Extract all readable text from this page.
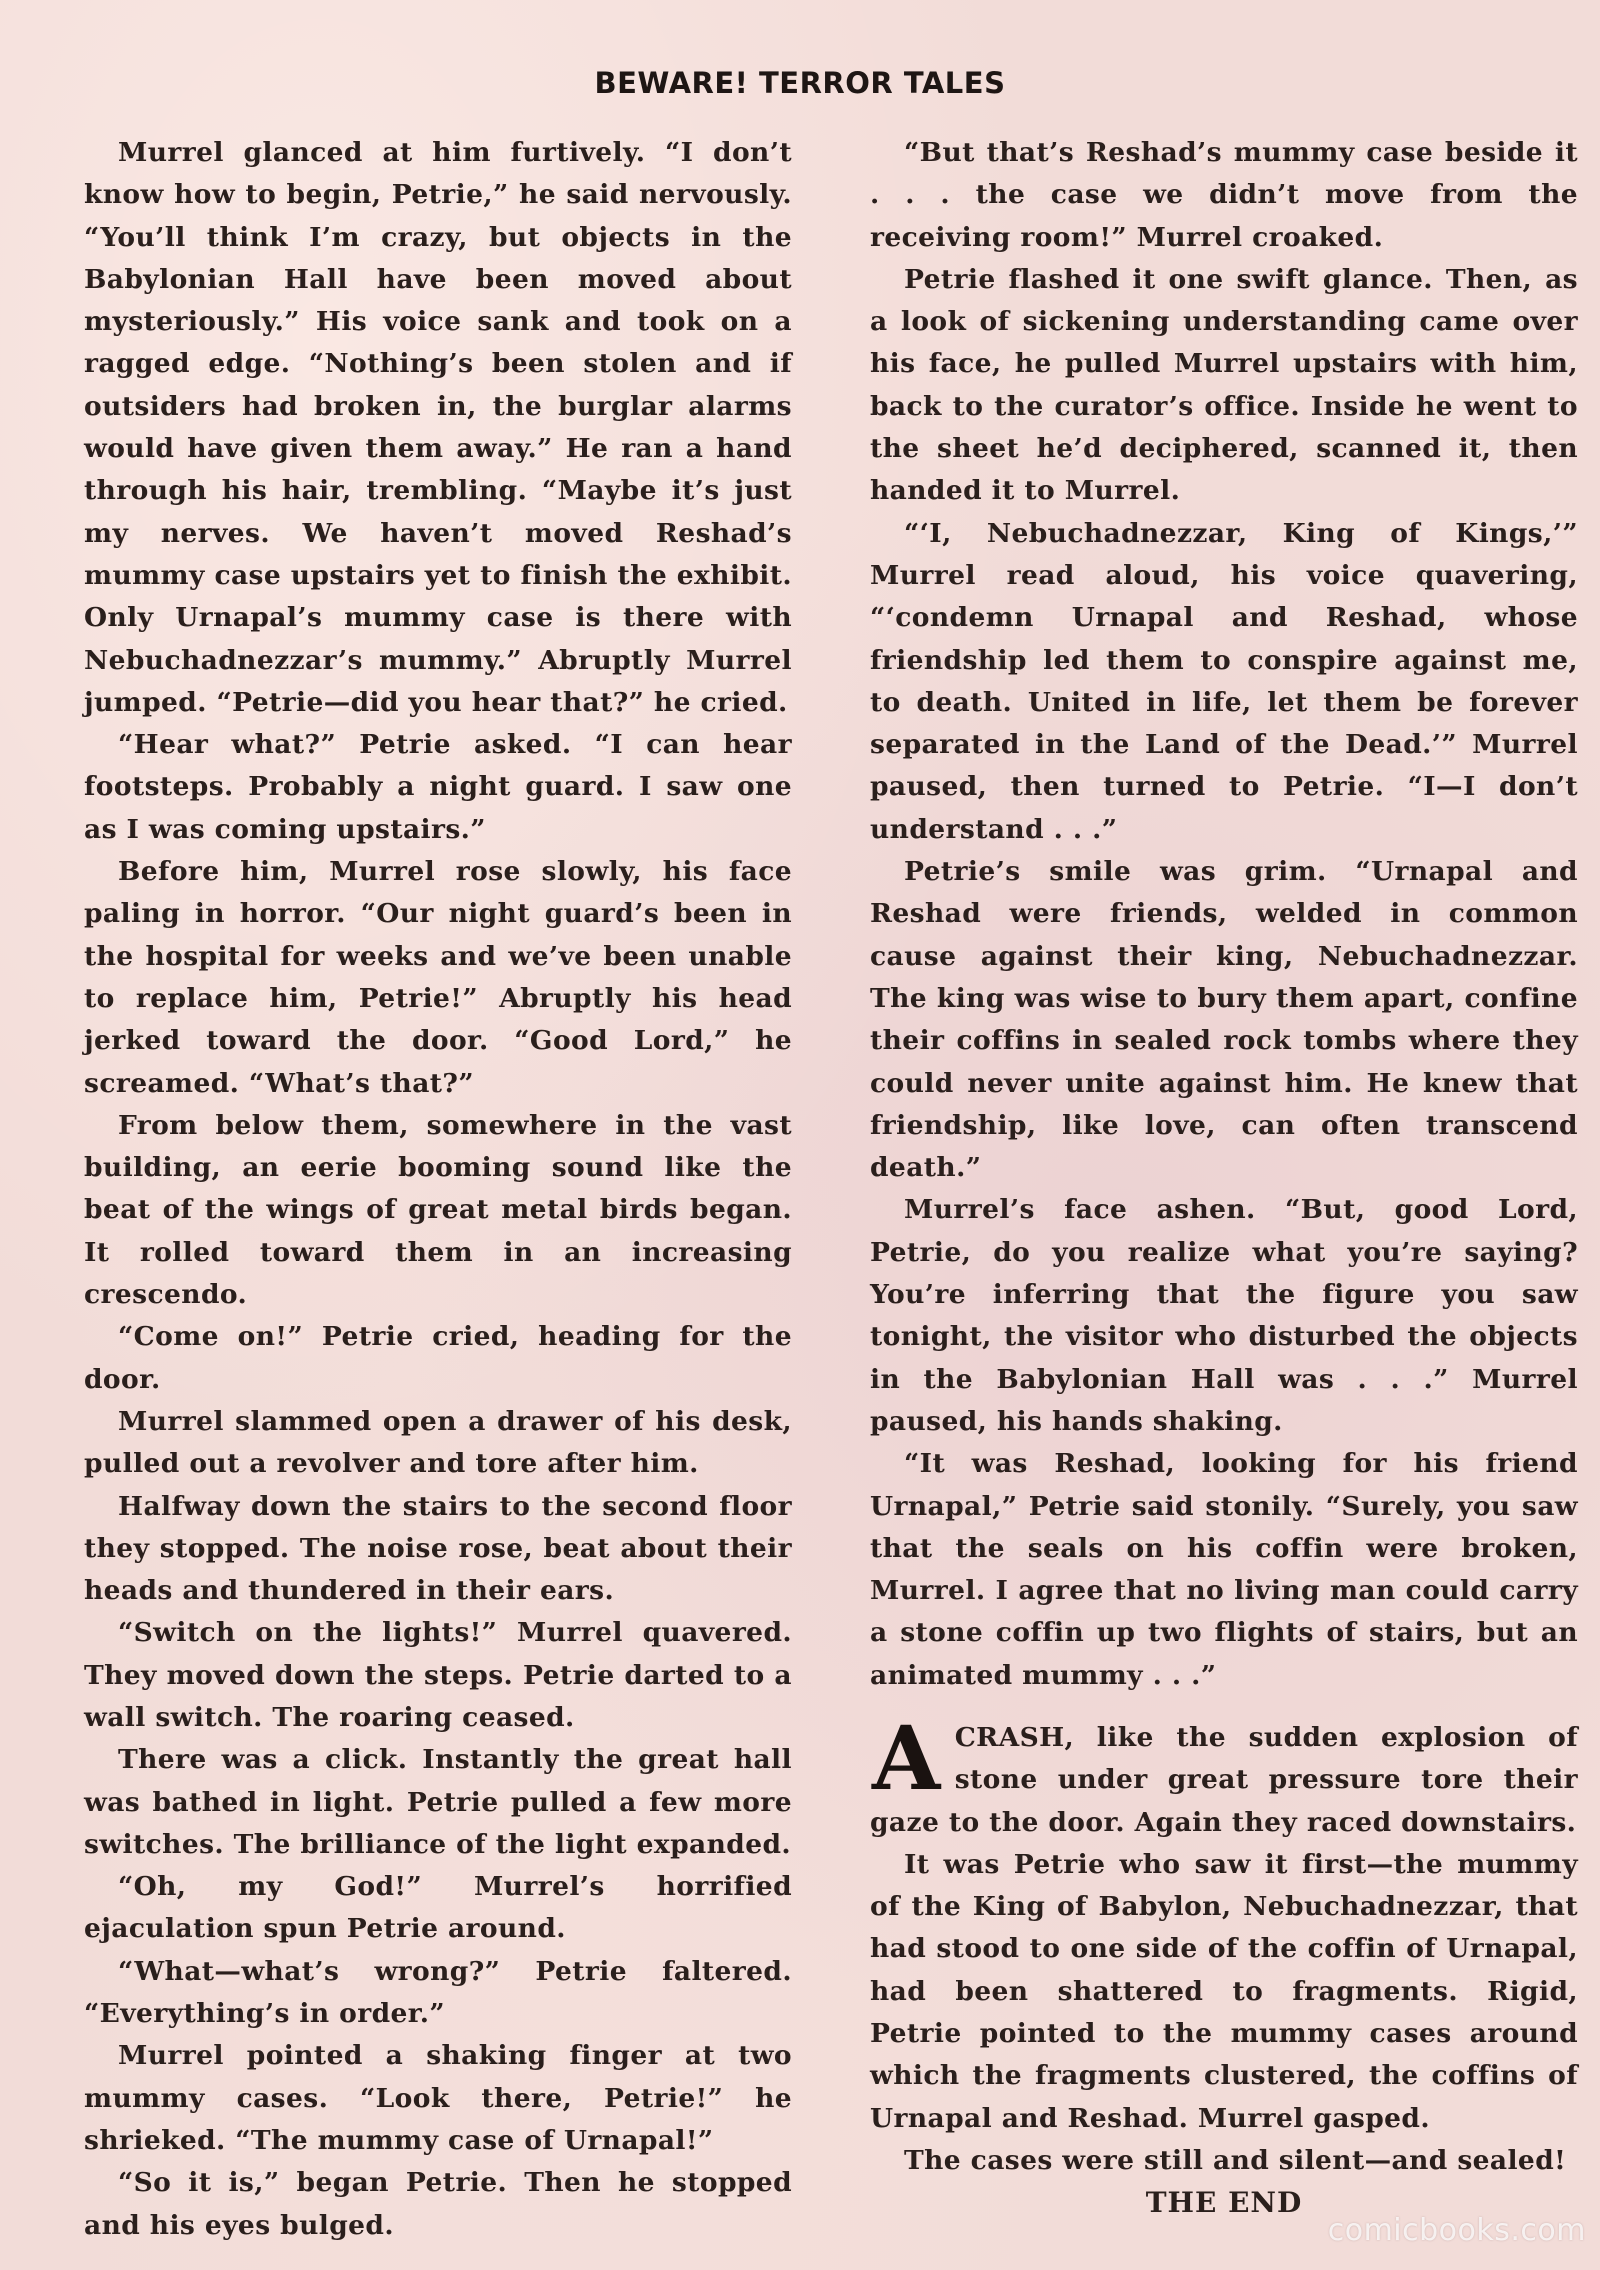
BEWARE! TERROR TALES

Murrel glanced at him furtively. “I don’t know how to begin, Petrie,” he said nervously. “You’ll think I’m crazy, but objects in the Babylonian Hall have been moved about mysteriously.” His voice sank and took on a ragged edge. “Nothing’s been stolen and if outsiders had broken in, the burglar alarms would have given them away.” He ran a hand through his hair, trembling. “Maybe it’s just my nerves. We haven’t moved Reshad’s mummy case upstairs yet to finish the exhibit. Only Urnapal’s mummy case is there with Nebuchadnezzar’s mummy.” Abruptly Murrel jumped. “Petrie—did you hear that?” he cried.

“Hear what?” Petrie asked. “I can hear footsteps. Probably a night guard. I saw one as I was coming upstairs.”

Before him, Murrel rose slowly, his face paling in horror. “Our night guard’s been in the hospital for weeks and we’ve been unable to replace him, Petrie!” Abruptly his head jerked toward the door. “Good Lord,” he screamed. “What’s that?”

From below them, somewhere in the vast building, an eerie booming sound like the beat of the wings of great metal birds began. It rolled toward them in an increasing crescendo.

“Come on!” Petrie cried, heading for the door.

Murrel slammed open a drawer of his desk, pulled out a revolver and tore after him.

Halfway down the stairs to the second floor they stopped. The noise rose, beat about their heads and thundered in their ears.

“Switch on the lights!” Murrel quavered. They moved down the steps. Petrie darted to a wall switch. The roaring ceased.

There was a click. Instantly the great hall was bathed in light. Petrie pulled a few more switches. The brilliance of the light expanded.

“Oh, my God!” Murrel’s horrified ejaculation spun Petrie around.

“What—what’s wrong?” Petrie faltered. “Everything’s in order.”

Murrel pointed a shaking finger at two mummy cases. “Look there, Petrie!” he shrieked. “The mummy case of Urnapal!”

“So it is,” began Petrie. Then he stopped and his eyes bulged.

“But that’s Reshad’s mummy case beside it . . . the case we didn’t move from the receiving room!” Murrel croaked.

Petrie flashed it one swift glance. Then, as a look of sickening understanding came over his face, he pulled Murrel upstairs with him, back to the curator’s office. Inside he went to the sheet he’d deciphered, scanned it, then handed it to Murrel.

“‘I, Nebuchadnezzar, King of Kings,’” Murrel read aloud, his voice quavering, “‘condemn Urnapal and Reshad, whose friendship led them to conspire against me, to death. United in life, let them be forever separated in the Land of the Dead.’” Murrel paused, then turned to Petrie. “I—I don’t understand . . .”

Petrie’s smile was grim. “Urnapal and Reshad were friends, welded in common cause against their king, Nebuchadnezzar. The king was wise to bury them apart, confine their coffins in sealed rock tombs where they could never unite against him. He knew that friendship, like love, can often transcend death.”

Murrel’s face ashen. “But, good Lord, Petrie, do you realize what you’re saying? You’re inferring that the figure you saw tonight, the visitor who disturbed the objects in the Babylonian Hall was . . .” Murrel paused, his hands shaking.

“It was Reshad, looking for his friend Urnapal,” Petrie said stonily. “Surely, you saw that the seals on his coffin were broken, Murrel. I agree that no living man could carry a stone coffin up two flights of stairs, but an animated mummy . . .”

ACRASH, like the sudden explosion of stone under great pressure tore their gaze to the door. Again they raced downstairs.

It was Petrie who saw it first—the mummy of the King of Babylon, Nebuchadnezzar, that had stood to one side of the coffin of Urnapal, had been shattered to fragments. Rigid, Petrie pointed to the mummy cases around which the fragments clustered, the coffins of Urnapal and Reshad. Murrel gasped.

The cases were still and silent—and sealed!

THE END

comicbooks.com
